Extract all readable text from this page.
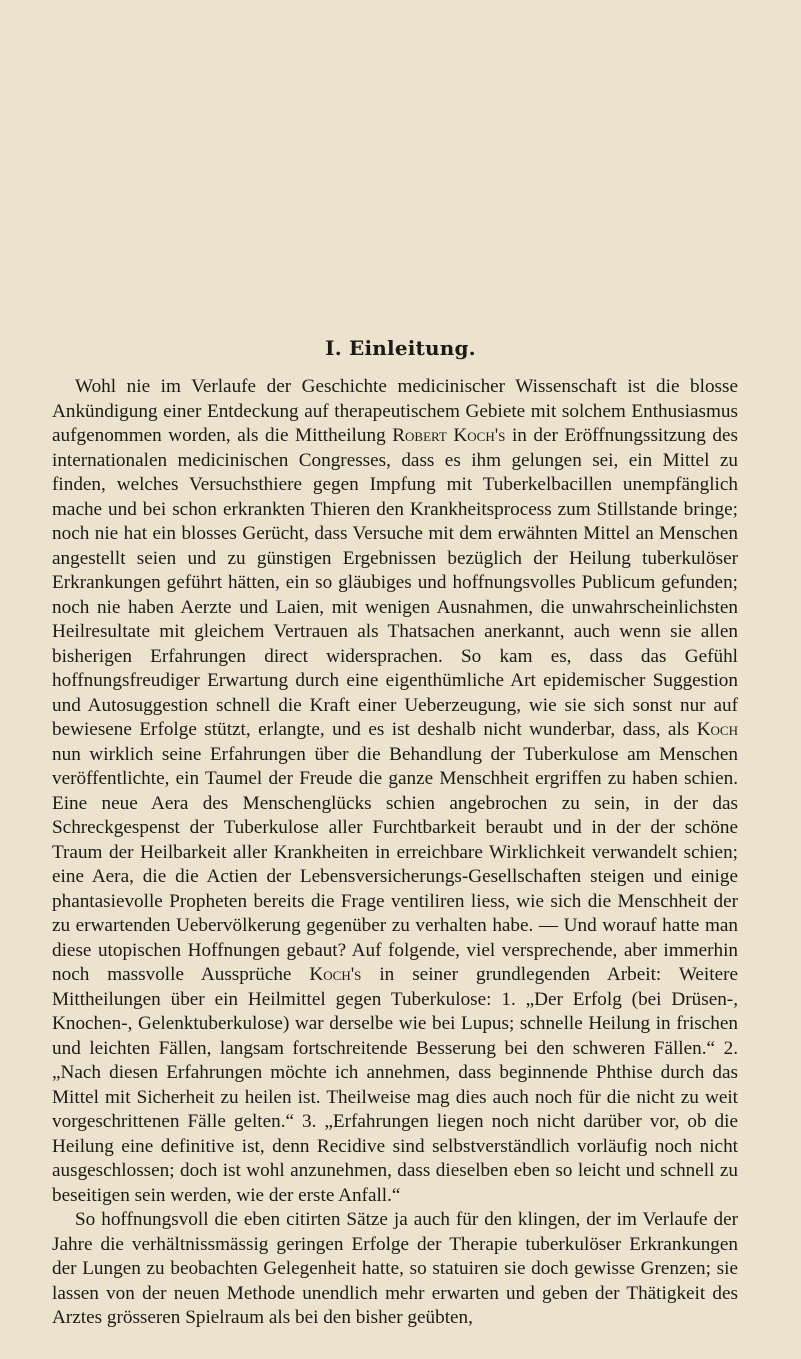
I. Einleitung.

Wohl nie im Verlaufe der Geschichte medicinischer Wissenschaft ist die blosse Ankündigung einer Entdeckung auf therapeutischem Gebiete mit solchem Enthusiasmus aufgenommen worden, als die Mittheilung Robert Koch's in der Eröffnungssitzung des internationalen medicinischen Congresses, dass es ihm gelungen sei, ein Mittel zu finden, welches Versuchsthiere gegen Impfung mit Tuberkelbacillen unempfänglich mache und bei schon erkrankten Thieren den Krankheitsprocess zum Stillstande bringe; noch nie hat ein blosses Gerücht, dass Versuche mit dem erwähnten Mittel an Menschen angestellt seien und zu günstigen Ergebnissen bezüglich der Heilung tuberkulöser Erkrankungen geführt hätten, ein so gläubiges und hoffnungsvolles Publicum gefunden; noch nie haben Aerzte und Laien, mit wenigen Ausnahmen, die unwahrscheinlichsten Heilresultate mit gleichem Vertrauen als Thatsachen anerkannt, auch wenn sie allen bisherigen Erfahrungen direct widersprachen. So kam es, dass das Gefühl hoffnungsfreudiger Erwartung durch eine eigenthümliche Art epidemischer Suggestion und Autosuggestion schnell die Kraft einer Ueberzeugung, wie sie sich sonst nur auf bewiesene Erfolge stützt, erlangte, und es ist deshalb nicht wunderbar, dass, als Koch nun wirklich seine Erfahrungen über die Behandlung der Tuberkulose am Menschen veröffentlichte, ein Taumel der Freude die ganze Menschheit ergriffen zu haben schien. Eine neue Aera des Menschenglücks schien angebrochen zu sein, in der das Schreckgespenst der Tuberkulose aller Furchtbarkeit beraubt und in der der schöne Traum der Heilbarkeit aller Krankheiten in erreichbare Wirklichkeit verwandelt schien; eine Aera, die die Actien der Lebensversicherungs-Gesellschaften steigen und einige phantasievolle Propheten bereits die Frage ventiliren liess, wie sich die Menschheit der zu erwartenden Uebervölkerung gegenüber zu verhalten habe. — Und worauf hatte man diese utopischen Hoffnungen gebaut? Auf folgende, viel versprechende, aber immerhin noch massvolle Aussprüche Koch's in seiner grundlegenden Arbeit: Weitere Mittheilungen über ein Heilmittel gegen Tuberkulose: 1. „Der Erfolg (bei Drüsen-, Knochen-, Gelenktuberkulose) war derselbe wie bei Lupus; schnelle Heilung in frischen und leichten Fällen, langsam fortschreitende Besserung bei den schweren Fällen.“ 2. „Nach diesen Erfahrungen möchte ich annehmen, dass beginnende Phthise durch das Mittel mit Sicherheit zu heilen ist. Theilweise mag dies auch noch für die nicht zu weit vorgeschrittenen Fälle gelten.“ 3. „Erfahrungen liegen noch nicht darüber vor, ob die Heilung eine definitive ist, denn Recidive sind selbstverständlich vorläufig noch nicht ausgeschlossen; doch ist wohl anzunehmen, dass dieselben eben so leicht und schnell zu beseitigen sein werden, wie der erste Anfall.“

So hoffnungsvoll die eben citirten Sätze ja auch für den klingen, der im Verlaufe der Jahre die verhältnissmässig geringen Erfolge der Therapie tuberkulöser Erkrankungen der Lungen zu beobachten Gelegenheit hatte, so statuiren sie doch gewisse Grenzen; sie lassen von der neuen Methode unendlich mehr erwarten und geben der Thätigkeit des Arztes grösseren Spielraum als bei den bisher geübten,
